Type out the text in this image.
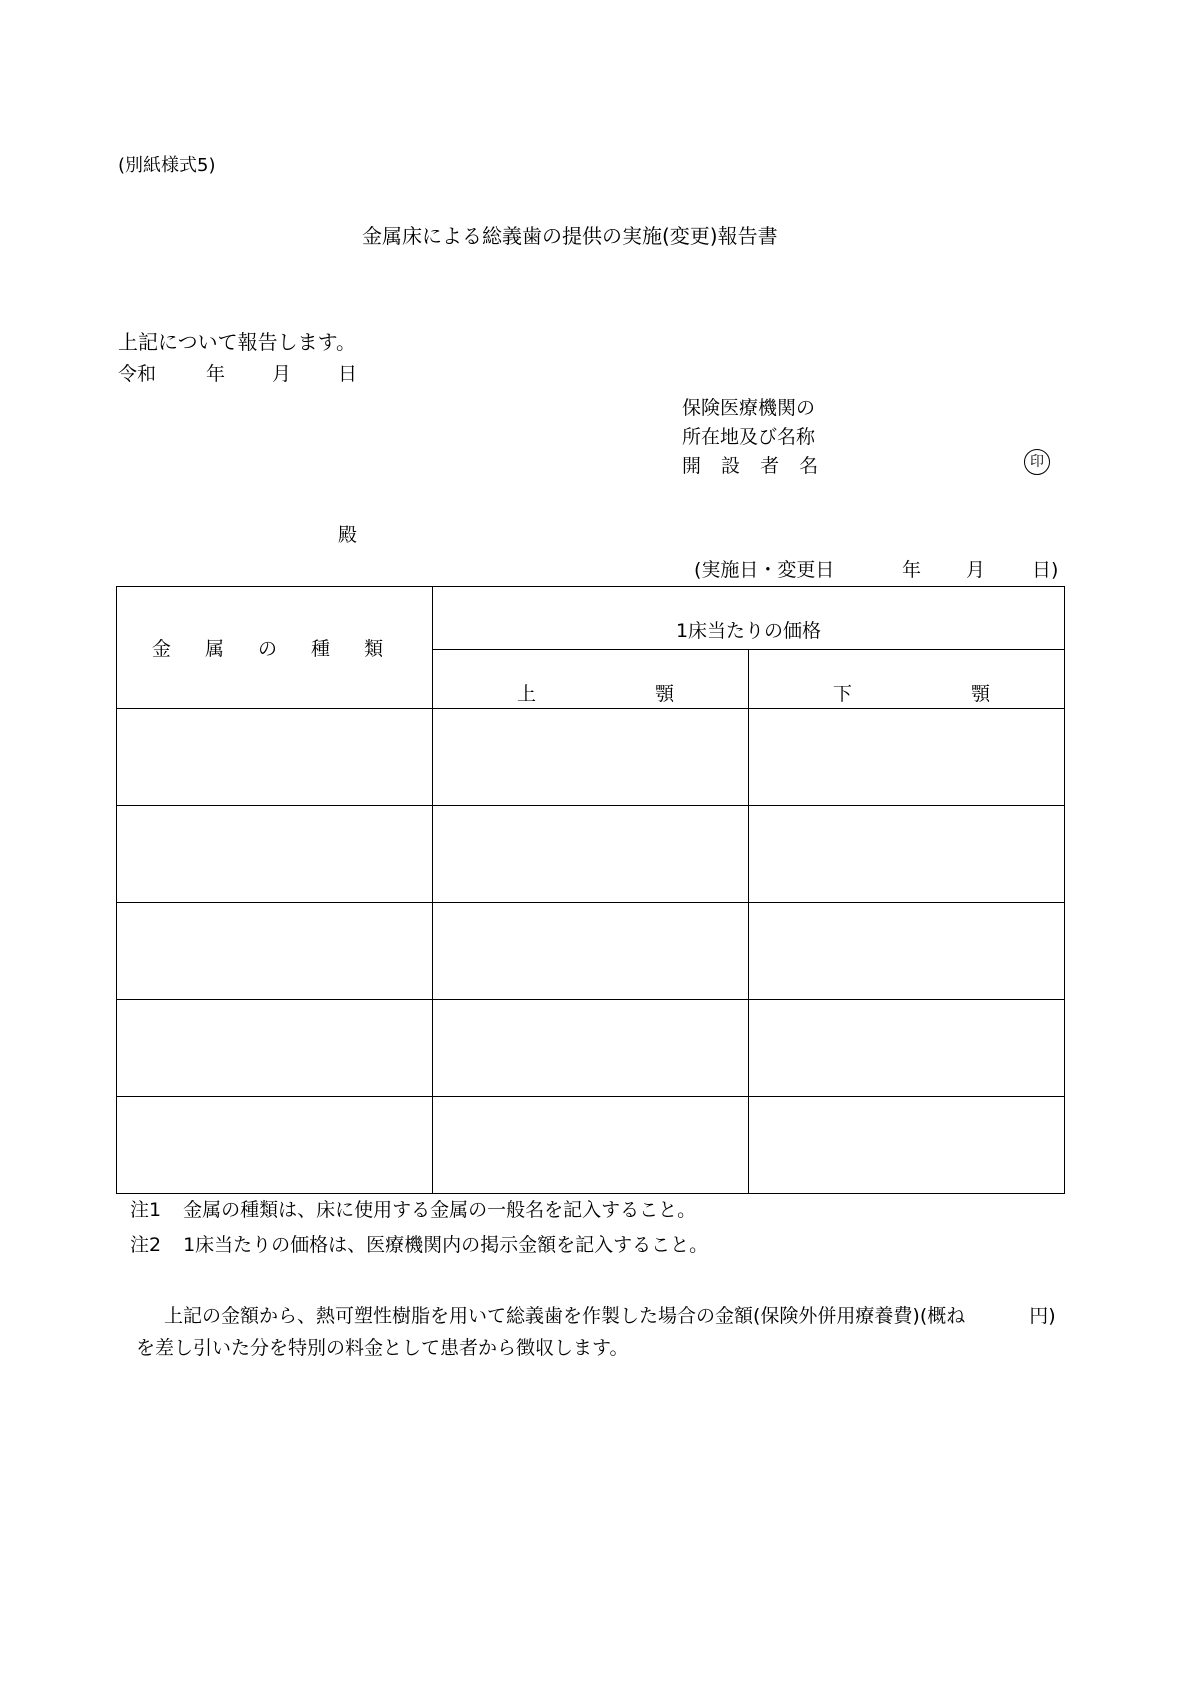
(別紙様式5)
金属床による総義歯の提供の実施(変更)報告書
上記について報告します。
令和	年 月 日
保険医療機関の
所在地及び名称
開 設 者 名	印
殿
(実施日・変更日	年 月 日)
金 属 の 種 類	1床当たりの価格	

	上 顎	下 顎

注1 金属の種類は、床に使用する金属の一般名を記入すること。
注2 1床当たりの価格は、医療機関内の掲示金額を記入すること。
上記の金額から、熱可塑性樹脂を用いて総義歯を作製した場合の金額(保険外併用療養費)(概ね	円)を差し引いた分を特別の料金として患者から徴収します。
